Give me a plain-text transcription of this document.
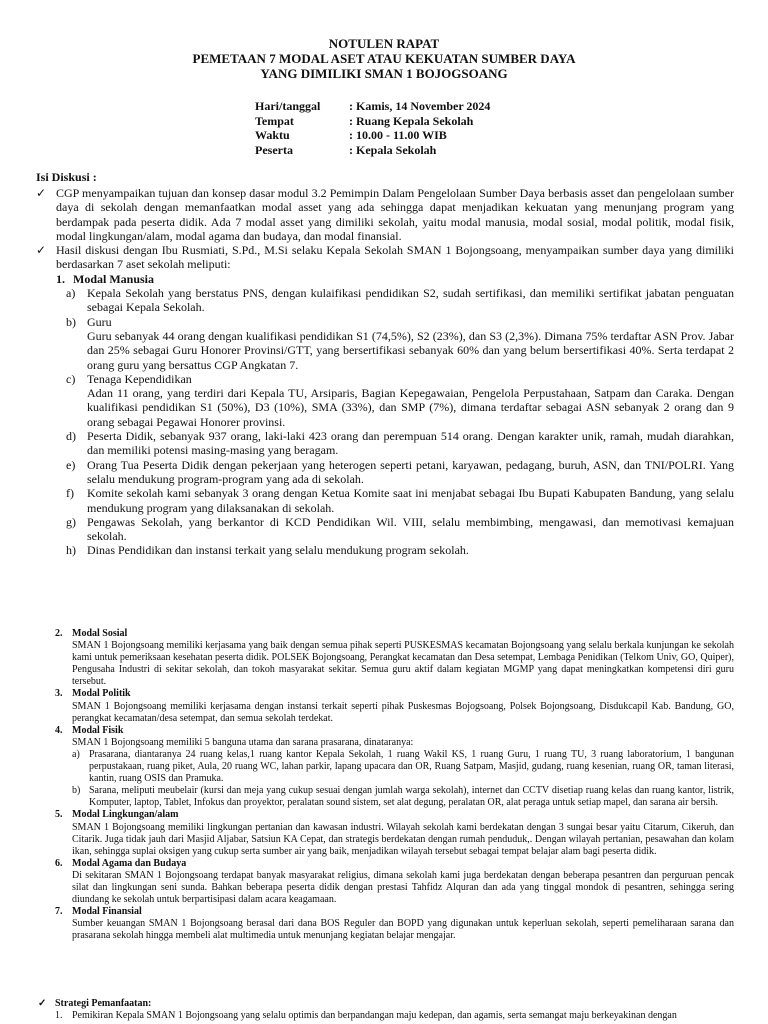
NOTULEN RAPAT
PEMETAAN 7 MODAL ASET ATAU KEKUATAN SUMBER DAYA
YANG DIMILIKI SMAN 1 BOJOGSOANG
Hari/tanggal	: Kamis, 14 November 2024
Tempat	: Ruang Kepala Sekolah
Waktu	: 10.00 - 11.00 WIB
Peserta	: Kepala Sekolah
Isi Diskusi :
✓ CGP menyampaikan tujuan dan konsep dasar modul 3.2 Pemimpin Dalam Pengelolaan Sumber Daya berbasis asset dan pengelolaan sumber daya di sekolah dengan memanfaatkan modal asset yang ada sehingga dapat menjadikan kekuatan yang menunjang program yang berdampak pada peserta didik. Ada 7 modal asset yang dimiliki sekolah, yaitu modal manusia, modal sosial, modal politik, modal fisik, modal lingkungan/alam, modal agama dan budaya, dan modal finansial.
✓ Hasil diskusi dengan Ibu Rusmiati, S.Pd., M.Si selaku Kepala Sekolah SMAN 1 Bojongsoang, menyampaikan sumber daya yang dimiliki berdasarkan 7 aset sekolah meliputi:
1. Modal Manusia
a) Kepala Sekolah yang berstatus PNS, dengan kulaifikasi pendidikan S2, sudah sertifikasi, dan memiliki sertifikat jabatan penguatan sebagai Kepala Sekolah.
b) Guru
Guru sebanyak 44 orang dengan kualifikasi pendidikan S1 (74,5%), S2 (23%), dan S3 (2,3%). Dimana 75% terdaftar ASN Prov. Jabar dan 25% sebagai Guru Honorer Provinsi/GTT, yang bersertifikasi sebanyak 60% dan yang belum bersertifikasi 40%. Serta terdapat 2 orang guru yang bersattus CGP Angkatan 7.
c) Tenaga Kependidikan
Adan 11 orang, yang terdiri dari Kepala TU, Arsiparis, Bagian Kepegawaian, Pengelola Perpustahaan, Satpam dan Caraka. Dengan kualifikasi pendidikan S1 (50%), D3 (10%), SMA (33%), dan SMP (7%), dimana terdaftar sebagai ASN sebanyak 2 orang dan 9 orang sebagai Pegawai Honorer provinsi.
d) Peserta Didik, sebanyak 937 orang, laki-laki 423 orang dan perempuan 514 orang. Dengan karakter unik, ramah, mudah diarahkan, dan memiliki potensi masing-masing yang beragam.
e) Orang Tua Peserta Didik dengan pekerjaan yang heterogen seperti petani, karyawan, pedagang, buruh, ASN, dan TNI/POLRI. Yang selalu mendukung program-program yang ada di sekolah.
f)	Komite sekolah kami sebanyak 3 orang dengan Ketua Komite saat ini menjabat sebagai Ibu Bupati Kabupaten Bandung, yang selalu mendukung program yang dilaksanakan di sekolah.
g) Pengawas Sekolah, yang berkantor di KCD Pendidikan Wil. VIII, selalu membimbing, mengawasi, dan memotivasi kemajuan sekolah.
h) Dinas Pendidikan dan instansi terkait yang selalu mendukung program sekolah.
2. Modal Sosial
SMAN 1 Bojongsoang memiliki kerjasama yang baik dengan semua pihak seperti PUSKESMAS kecamatan Bojongsoang yang selalu berkala kunjungan ke sekolah kami untuk pemeriksaan kesehatan peserta didik. POLSEK Bojongsoang, Perangkat kecamatan dan Desa setempat, Lembaga Penidikan (Telkom Univ, GO, Quiper), Pengusaha Industri di sekitar sekolah, dan tokoh masyarakat sekitar. Semua guru aktif dalam kegiatan MGMP yang dapat meningkatkan kompetensi diri guru tersebut.
3. Modal Politik
SMAN 1 Bojongsoang memiliki kerjasama dengan instansi terkait seperti pihak Puskesmas Bojogsoang, Polsek Bojongsoang, Disdukcapil Kab. Bandung, GO, perangkat kecamatan/desa setempat, dan semua sekolah terdekat.
4. Modal Fisik
SMAN 1 Bojongsoang memiliki 5 banguna utama dan sarana prasarana, dinataranya:
a) Prasarana, diantaranya 24 ruang kelas,1 ruang kantor Kepala Sekolah, 1 ruang Wakil KS, 1 ruang Guru, 1 ruang TU, 3 ruang laboratorium, 1 bangunan perpustakaan, ruang piket, Aula, 20 ruang WC, lahan parkir, lapang upacara dan OR, Ruang Satpam, Masjid, gudang, ruang kesenian, ruang OR, taman literasi, kantin, ruang OSIS dan Pramuka.
b) Sarana, meliputi meubelair (kursi dan meja yang cukup sesuai dengan jumlah warga sekolah), internet dan CCTV disetiap ruang kelas dan ruang kantor, listrik, Komputer, laptop, Tablet, Infokus dan proyektor, peralatan sound sistem, set alat degung, peralatan OR, alat peraga untuk setiap mapel, dan sarana air bersih.
5. Modal Lingkungan/alam
SMAN 1 Bojongsoang memiliki lingkungan pertanian dan kawasan industri. Wilayah sekolah kami berdekatan dengan 3 sungai besar yaitu Citarum, Cikeruh, dan Citarik. Juga tidak jauh dari Masjid Aljabar, Satsiun KA Cepat, dan strategis berdekatan dengan rumah penduduk,. Dengan wilayah pertanian, pesawahan dan kolam ikan, sehingga suplai oksigen yang cukup serta sumber air yang baik, menjadikan wilayah tersebut sebagai tempat belajar alam bagi peserta didik.
6. Modal Agama dan Budaya
Di sekitaran SMAN 1 Bojongsoang terdapat banyak masyarakat religius, dimana sekolah kami juga berdekatan dengan beberapa pesantren dan perguruan pencak silat dan lingkungan seni sunda. Bahkan beberapa peserta didik dengan prestasi Tahfidz Alquran dan ada yang tinggal mondok di pesantren, sehingga sering diundang ke sekolah untuk berpartisipasi dalam acara keagamaan.
7. Modal Finansial
Sumber keuangan SMAN 1 Bojongsoang berasal dari dana BOS Reguler dan BOPD yang digunakan untuk keperluan sekolah, seperti pemeliharaan sarana dan prasarana sekolah hingga membeli alat multimedia untuk menunjang kegiatan belajar mengajar.
✓ Strategi Pemanfaatan:
1. Pemikiran Kepala SMAN 1 Bojongsoang yang selalu optimis dan berpandangan maju kedepan, dan agamis, serta semangat maju berkeyakinan dengan
